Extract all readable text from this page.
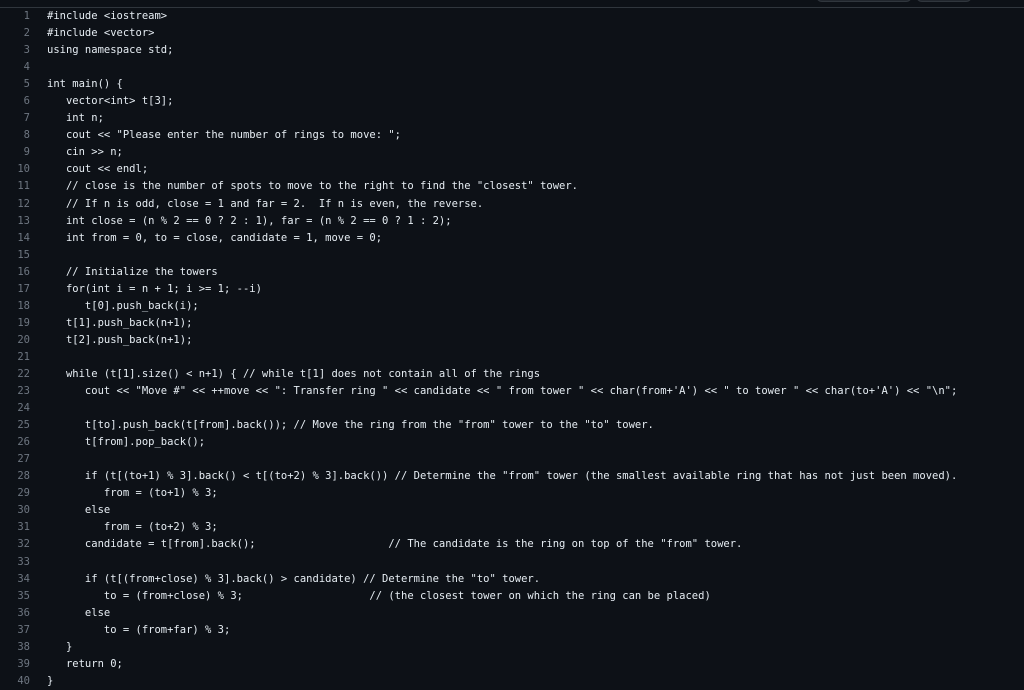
1 #include <iostream>
2 #include <vector>
3 using namespace std;
4
5 int main() {
6 vector<int> t[3];
7 int n;
8 cout << "Please enter the number of rings to move: ";
9 cin >> n;
10 cout << endl;
11 // close is the number of spots to move to the right to find the "closest" tower.
12 // If n is odd, close = 1 and far = 2.  If n is even, the reverse.
13 int close = (n % 2 == 0 ? 2 : 1), far = (n % 2 == 0 ? 1 : 2);
14 int from = 0, to = close, candidate = 1, move = 0;
15
16 // Initialize the towers
17 for(int i = n + 1; i >= 1; --i)
18 t[0].push_back(i);
19 t[1].push_back(n+1);
20 t[2].push_back(n+1);
21
22 while (t[1].size() < n+1) { // while t[1] does not contain all of the rings
23 cout << "Move #" << ++move << ": Transfer ring " << candidate << " from tower " << char(from+'A') << " to tower " << char(to+'A') << "\n";
24
25 t[to].push_back(t[from].back()); // Move the ring from the "from" tower to the "to" tower.
26 t[from].pop_back();
27
28 if (t[(to+1) % 3].back() < t[(to+2) % 3].back()) // Determine the "from" tower (the smallest available ring that has not just been moved).
29 from = (to+1) % 3;
30 else
31 from = (to+2) % 3;
32 candidate = t[from].back();                     // The candidate is the ring on top of the "from" tower.
33
34 if (t[(from+close) % 3].back() > candidate) // Determine the "to" tower.
35 to = (from+close) % 3;                    // (the closest tower on which the ring can be placed)
36 else
37 to = (from+far) % 3;
38 }
39 return 0;
40 }
